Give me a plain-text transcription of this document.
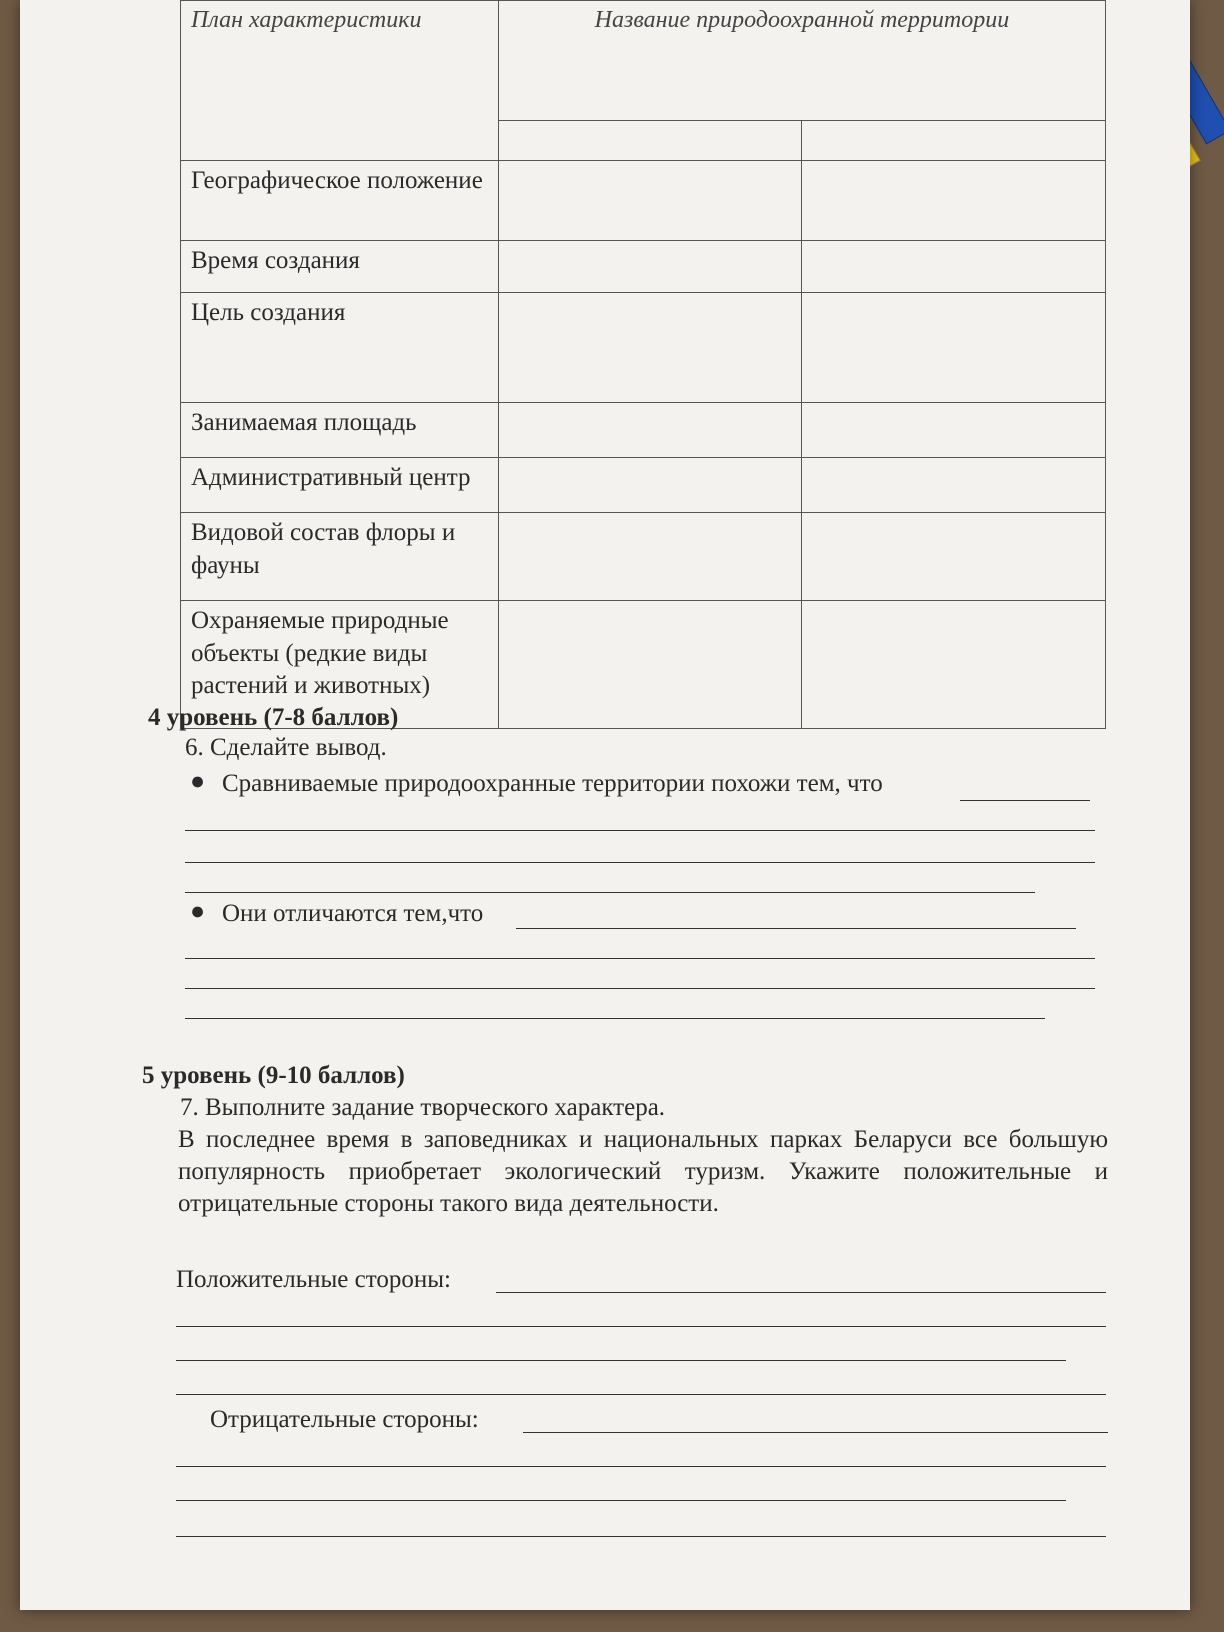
План характеристики	Название природоохранной территории	

Географическое положение		
Время создания		
Цель создания		
Занимаемая площадь		
Административный центр		
Видовой состав флоры и фауны		
Охраняемые природные объекты (редкие виды растений и животных)		
4 уровень (7-8 баллов)
6. Сделайте вывод.
● Сравниваемые природоохранные территории похожи тем, что
● Они отличаются тем,что
5 уровень (9-10 баллов)
7. Выполните задание творческого характера.
В последнее время в заповедниках и национальных парках Беларуси все большую популярность приобретает экологический туризм. Укажите положительные и отрицательные стороны такого вида деятельности.
Положительные стороны:
Отрицательные стороны:
